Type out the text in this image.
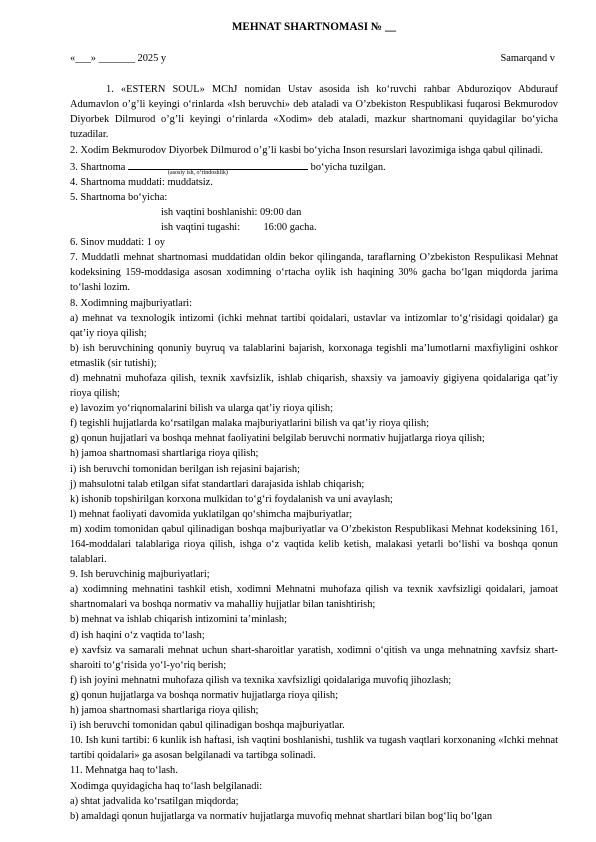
MEHNAT SHARTNOMASI № __

«___» _______ 2025 y	Samarqand v

1. «ESTERN SOUL» MChJ nomidan Ustav asosida ish ko‘ruvchi rahbar Abduroziqov Abdurauf Adumavlon o’g’li keyingi o‘rinlarda «Ish beruvchi» deb ataladi va O’zbekiston Respublikasi fuqarosi Bekmurodov Diyorbek Dilmurod o’g’li keyingi o‘rinlarda «Xodim» deb ataladi, mazkur shartnomani quyidagilar bo‘yicha tuzadilar.

2. Xodim Bekmurodov Diyorbek Dilmurod o’g’li kasbi bo‘yicha Inson resurslari lavozimiga ishga qabul qilinadi.

3. Shartnoma	(asosiy ish, o‘rindoshlik)	bo‘yicha tuzilgan.

4. Shartnoma muddati: muddatsiz.

5. Shartnoma bo‘yicha:

ish vaqtini boshlanishi: 09:00 dan

ish vaqtini tugashi:         16:00 gacha.

6. Sinov muddati: 1 oy

7. Muddatli mehnat shartnomasi muddatidan oldin bekor qilinganda, taraflarning O’zbekiston Respulikasi Mehnat kodeksining 159-moddasiga asosan xodimning o‘rtacha oylik ish haqining 30% gacha bo‘lgan miqdorda jarima to‘lashi lozim.

8. Xodimning majburiyatlari:

a) mehnat va texnologik intizomi (ichki mehnat tartibi qoidalari, ustavlar va intizomlar to‘g‘risidagi qoidalar) ga qat’iy rioya qilish;

b) ish beruvchining qonuniy buyruq va talablarini bajarish, korxonaga tegishli ma’lumotlarni maxfiyligini oshkor etmaslik (sir tutishi);

d) mehnatni muhofaza qilish, texnik xavfsizlik, ishlab chiqarish, shaxsiy va jamoaviy gigiyena qoidalariga qat’iy rioya qilish;

e) lavozim yo‘riqnomalarini bilish va ularga qat’iy rioya qilish;

f) tegishli hujjatlarda ko‘rsatilgan malaka majburiyatlarini bilish va qat’iy rioya qilish;

g) qonun hujjatlari va boshqa mehnat faoliyatini belgilab beruvchi normativ hujjatlarga rioya qilish;

h) jamoa shartnomasi shartlariga rioya qilish;

i) ish beruvchi tomonidan berilgan ish rejasini bajarish;

j) mahsulotni talab etilgan sifat standartlari darajasida ishlab chiqarish;

k) ishonib topshirilgan korxona mulkidan to‘g‘ri foydalanish va uni avaylash;

l) mehnat faoliyati davomida yuklatilgan qo‘shimcha majburiyatlar;

m) xodim tomonidan qabul qilinadigan boshqa majburiyatlar va O’zbekiston Respublikasi Mehnat kodeksining 161, 164-moddalari talablariga rioya qilish, ishga o‘z vaqtida kelib ketish, malakasi yetarli bo‘lishi va boshqa qonun talablari.

9. Ish beruvchinig majburiyatlari;

a) xodimning mehnatini tashkil etish, xodimni Mehnatni muhofaza qilish va texnik xavfsizligi qoidalari, jamoat shartnomalari va boshqa normativ va mahalliy hujjatlar bilan tanishtirish;

b) mehnat va ishlab chiqarish intizomini ta’minlash;

d) ish haqini o‘z vaqtida to‘lash;

e) xavfsiz va samarali mehnat uchun shart-sharoitlar yaratish, xodimni o‘qitish va unga mehnatning xavfsiz shart-sharoiti to‘g‘risida yo‘l-yo‘riq berish;

f) ish joyini mehnatni muhofaza qilish va texnika xavfsizligi qoidalariga muvofiq jihozlash;

g) qonun hujjatlarga va boshqa normativ hujjatlarga rioya qilish;

h) jamoa shartnomasi shartlariga rioya qilish;

i) ish beruvchi tomonidan qabul qilinadigan boshqa majburiyatlar.

10. Ish kuni tartibi: 6 kunlik ish haftasi, ish vaqtini boshlanishi, tushlik va tugash vaqtlari korxonaning «Ichki mehnat tartibi qoidalari» ga asosan belgilanadi va tartibga solinadi.

11. Mehnatga haq to‘lash.

Xodimga quyidagicha haq to‘lash belgilanadi:

a) shtat jadvalida ko‘rsatilgan miqdorda;

b) amaldagi qonun hujjatlarga va normativ hujjatlarga muvofiq mehnat shartlari bilan bog‘liq bo‘lgan
